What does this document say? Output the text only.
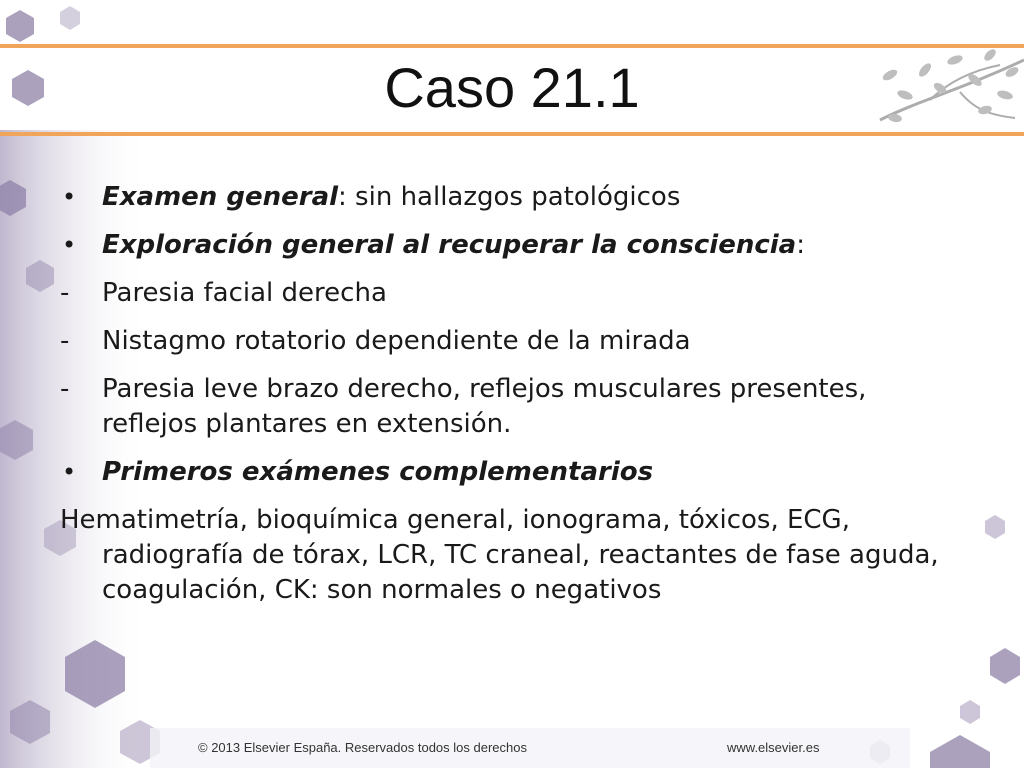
Caso 21.1
• Examen general: sin hallazgos patológicos
• Exploración general al recuperar la consciencia:
-	Paresia facial derecha
-	Nistagmo rotatorio dependiente de la mirada
-	Paresia leve brazo derecho, reflejos musculares presentes, reflejos plantares en extensión.
• Primeros exámenes complementarios
Hematimetría, bioquímica general, ionograma, tóxicos, ECG, radiografía de tórax, LCR, TC craneal, reactantes de fase aguda, coagulación, CK: son normales o negativos
© 2013 Elsevier España. Reservados todos los derechos	www.elsevier.es
